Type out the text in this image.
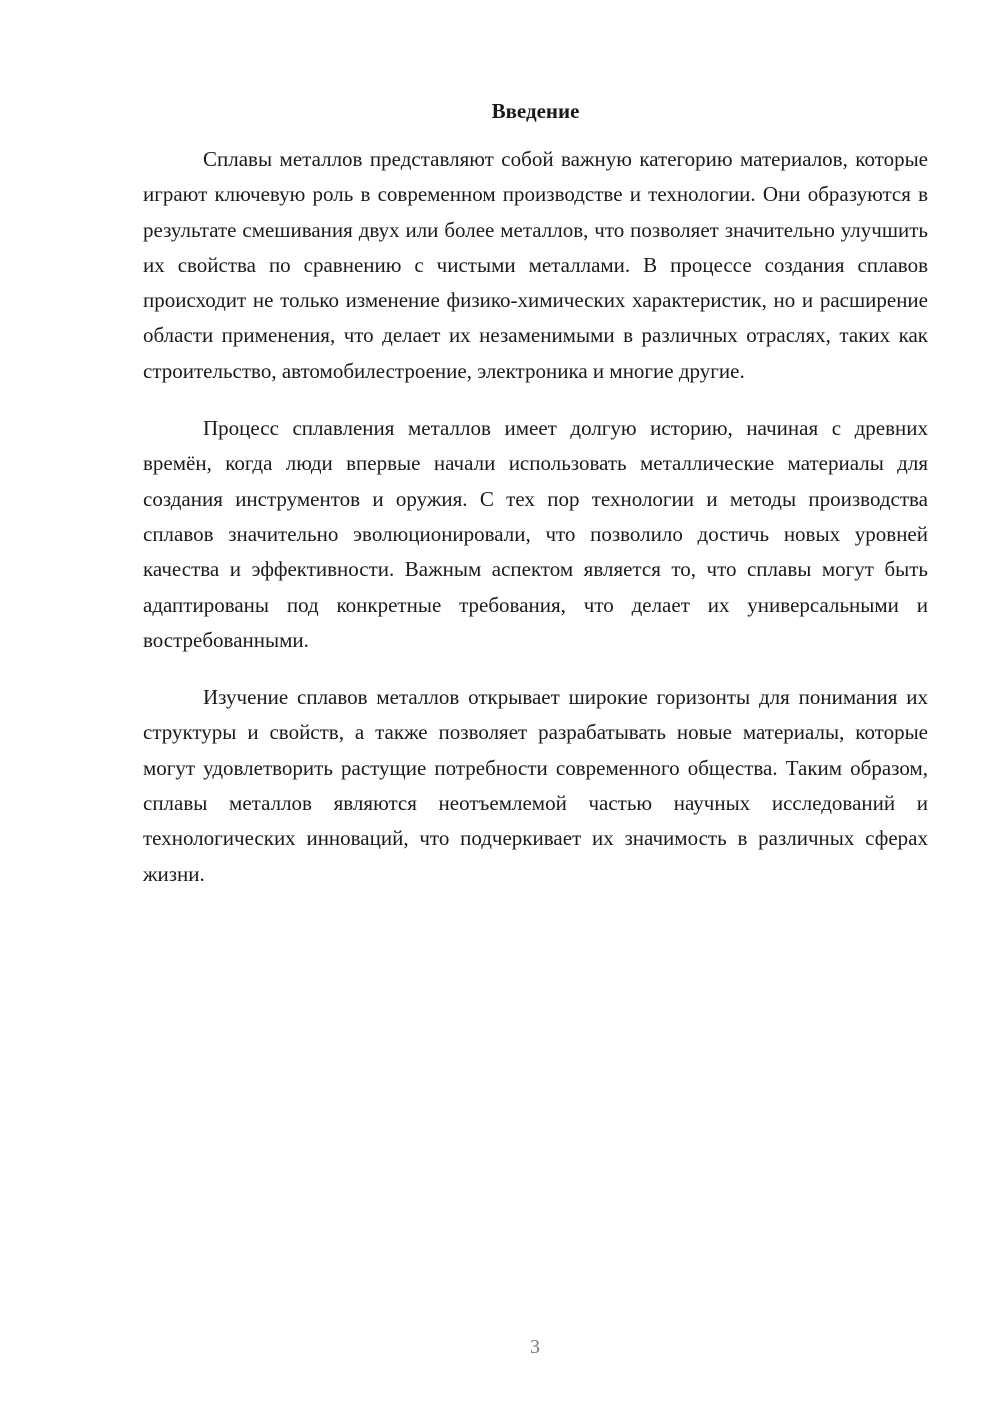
Введение

Сплавы металлов представляют собой важную категорию материалов, которые играют ключевую роль в современном производстве и технологии. Они образуются в результате смешивания двух или более металлов, что позволяет значительно улучшить их свойства по сравнению с чистыми металлами. В процессе создания сплавов происходит не только изменение физико-химических характеристик, но и расширение области применения, что делает их незаменимыми в различных отраслях, таких как строительство, автомобилестроение, электроника и многие другие.

Процесс сплавления металлов имеет долгую историю, начиная с древних времён, когда люди впервые начали использовать металлические материалы для создания инструментов и оружия. С тех пор технологии и методы производства сплавов значительно эволюционировали, что позволило достичь новых уровней качества и эффективности. Важным аспектом является то, что сплавы могут быть адаптированы под конкретные требования, что делает их универсальными и востребованными.

Изучение сплавов металлов открывает широкие горизонты для понимания их структуры и свойств, а также позволяет разрабатывать новые материалы, которые могут удовлетворить растущие потребности современного общества. Таким образом, сплавы металлов являются неотъемлемой частью научных исследований и технологических инноваций, что подчеркивает их значимость в различных сферах жизни.

3
